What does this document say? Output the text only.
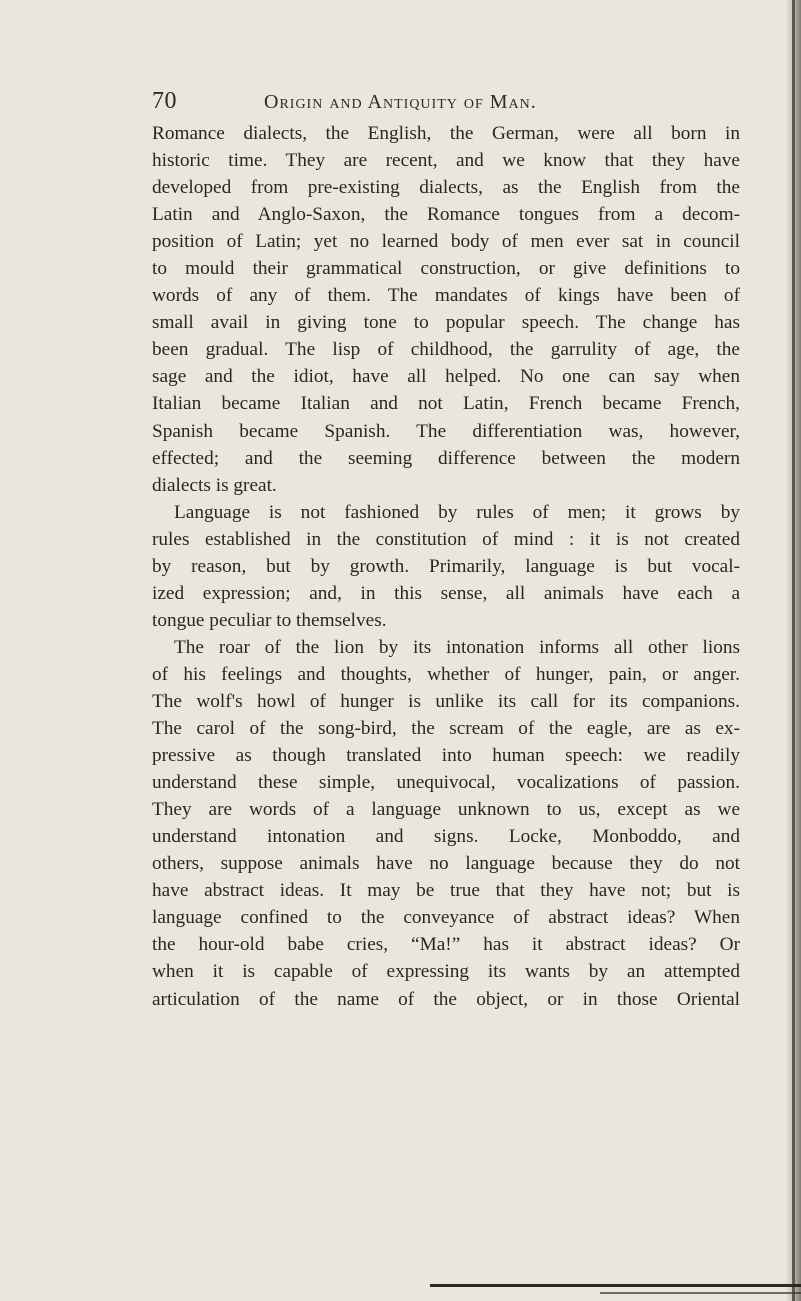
70	Origin and Antiquity of Man.
Romance dialects, the English, the German, were all born in
historic time. They are recent, and we know that they have
developed from pre-existing dialects, as the English from the
Latin and Anglo-Saxon, the Romance tongues from a decom-
position of Latin; yet no learned body of men ever sat in council
to mould their grammatical construction, or give definitions to
words of any of them. The mandates of kings have been of
small avail in giving tone to popular speech. The change has
been gradual. The lisp of childhood, the garrulity of age, the
sage and the idiot, have all helped. No one can say when
Italian became Italian and not Latin, French became French,
Spanish became Spanish. The differentiation was, however,
effected; and the seeming difference between the modern
dialects is great.
Language is not fashioned by rules of men; it grows by
rules established in the constitution of mind : it is not created
by reason, but by growth. Primarily, language is but vocal-
ized expression; and, in this sense, all animals have each a
tongue peculiar to themselves.
The roar of the lion by its intonation informs all other lions
of his feelings and thoughts, whether of hunger, pain, or anger.
The wolf's howl of hunger is unlike its call for its companions.
The carol of the song-bird, the scream of the eagle, are as ex-
pressive as though translated into human speech: we readily
understand these simple, unequivocal, vocalizations of passion.
They are words of a language unknown to us, except as we
understand intonation and signs. Locke, Monboddo, and
others, suppose animals have no language because they do not
have abstract ideas. It may be true that they have not; but is
language confined to the conveyance of abstract ideas? When
the hour-old babe cries, “Ma!” has it abstract ideas? Or
when it is capable of expressing its wants by an attempted
articulation of the name of the object, or in those Oriental
